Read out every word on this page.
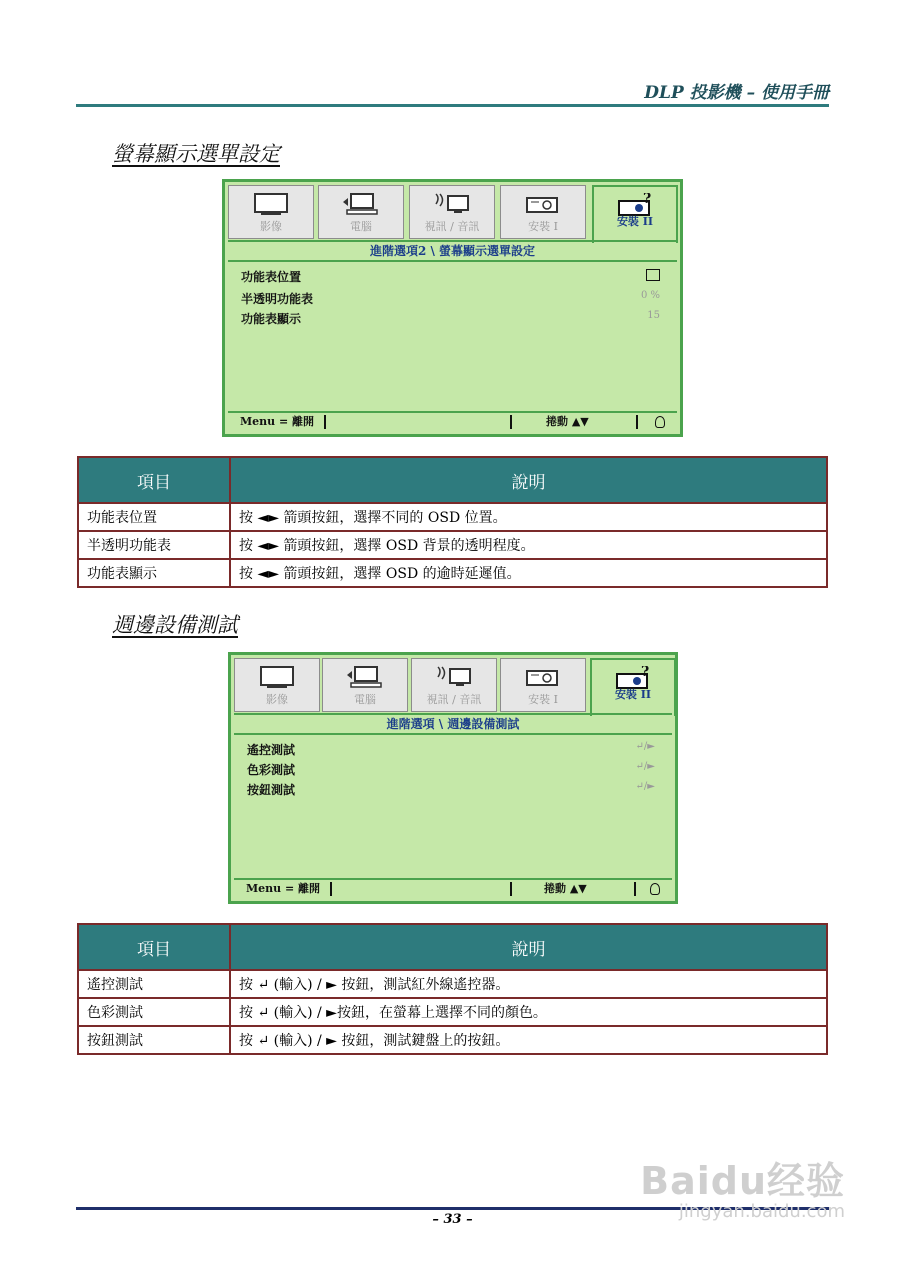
DLP 投影機 – 使用手冊
螢幕顯示選單設定
影像	電腦	視訊 / 音訊	安裝 I
?
安裝 II
進階選項2 \ 螢幕顯示選單設定
功能表位置
半透明功能表	0 %
功能表顯示	15
Menu = 離開	捲動 ▲▼
項目	說明
功能表位置	按 ◄► 箭頭按鈕，選擇不同的 OSD 位置。
半透明功能表	按 ◄► 箭頭按鈕，選擇 OSD 背景的透明程度。
功能表顯示	按 ◄► 箭頭按鈕，選擇 OSD 的逾時延遲值。
週邊設備測試
影像	電腦	視訊 / 音訊	安裝 I
?
安裝 II
進階選項 \ 週邊設備測試
遙控測試	↵/►
色彩測試	↵/►
按鈕測試	↵/►
Menu = 離開	捲動 ▲▼
項目	說明
遙控測試	按 ↵ (輸入) / ► 按鈕，測試紅外線遙控器。
色彩測試	按 ↵ (輸入) / ►按鈕，在螢幕上選擇不同的顏色。
按鈕測試	按 ↵ (輸入) / ► 按鈕，測試鍵盤上的按鈕。
– 33 –
Baidu经验
jingyan.baidu.com
